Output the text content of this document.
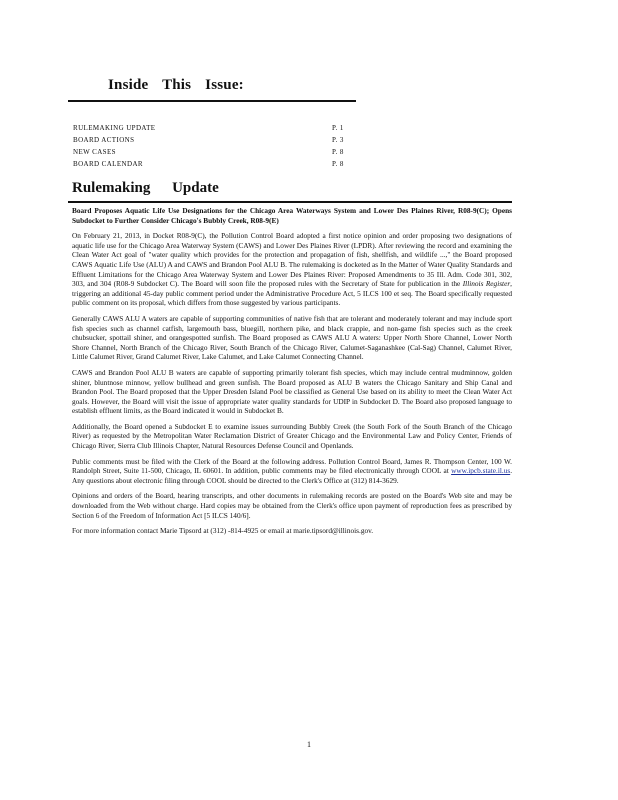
Inside This Issue:
RULEMAKING UPDATE	P. 1
BOARD ACTIONS	P. 3
NEW CASES	P. 8
BOARD CALENDAR	P. 8
Rulemaking Update

Board Proposes Aquatic Life Use Designations for the Chicago Area Waterways System and Lower Des Plaines River, R08-9(C); Opens Subdocket to Further Consider Chicago's Bubbly Creek, R08-9(E)

On February 21, 2013, in Docket R08-9(C), the Pollution Control Board adopted a first notice opinion and order proposing two designations of aquatic life use for the Chicago Area Waterway System (CAWS) and Lower Des Plaines River (LPDR). After reviewing the record and examining the Clean Water Act goal of "water quality which provides for the protection and propagation of fish, shellfish, and wildlife ...," the Board proposed CAWS Aquatic Life Use (ALU) A and CAWS and Brandon Pool ALU B. The rulemaking is docketed as In the Matter of Water Quality Standards and Effluent Limitations for the Chicago Area Waterway System and Lower Des Plaines River: Proposed Amendments to 35 Ill. Adm. Code 301, 302, 303, and 304 (R08-9 Subdocket C). The Board will soon file the proposed rules with the Secretary of State for publication in the Illinois Register, triggering an additional 45-day public comment period under the Administrative Procedure Act, 5 ILCS 100 et seq. The Board specifically requested public comment on its proposal, which differs from those suggested by various participants.

Generally CAWS ALU A waters are capable of supporting communities of native fish that are tolerant and moderately tolerant and may include sport fish species such as channel catfish, largemouth bass, bluegill, northern pike, and black crappie, and non-game fish species such as the creek chubsucker, spottail shiner, and orangespotted sunfish. The Board proposed as CAWS ALU A waters: Upper North Shore Channel, Lower North Shore Channel, North Branch of the Chicago River, South Branch of the Chicago River, Calumet-Saganashkee (Cal-Sag) Channel, Calumet River, Little Calumet River, Grand Calumet River, Lake Calumet, and Lake Calumet Connecting Channel.

CAWS and Brandon Pool ALU B waters are capable of supporting primarily tolerant fish species, which may include central mudminnow, golden shiner, bluntnose minnow, yellow bullhead and green sunfish. The Board proposed as ALU B waters the Chicago Sanitary and Ship Canal and Brandon Pool. The Board proposed that the Upper Dresden Island Pool be classified as General Use based on its ability to meet the Clean Water Act goals. However, the Board will visit the issue of appropriate water quality standards for UDIP in Subdocket D. The Board also proposed language to establish effluent limits, as the Board indicated it would in Subdocket B.

Additionally, the Board opened a Subdocket E to examine issues surrounding Bubbly Creek (the South Fork of the South Branch of the Chicago River) as requested by the Metropolitan Water Reclamation District of Greater Chicago and the Environmental Law and Policy Center, Friends of Chicago River, Sierra Club Illinois Chapter, Natural Resources Defense Council and Openlands.

Public comments must be filed with the Clerk of the Board at the following address. Pollution Control Board, James R. Thompson Center, 100 W. Randolph Street, Suite 11-500, Chicago, IL 60601. In addition, public comments may be filed electronically through COOL at www.ipcb.state.il.us. Any questions about electronic filing through COOL should be directed to the Clerk's Office at (312) 814-3629.

Opinions and orders of the Board, hearing transcripts, and other documents in rulemaking records are posted on the Board's Web site and may be downloaded from the Web without charge. Hard copies may be obtained from the Clerk's office upon payment of reproduction fees as prescribed by Section 6 of the Freedom of Information Act [5 ILCS 140/6].

For more information contact Marie Tipsord at (312) -814-4925 or email at marie.tipsord@illinois.gov.

1
